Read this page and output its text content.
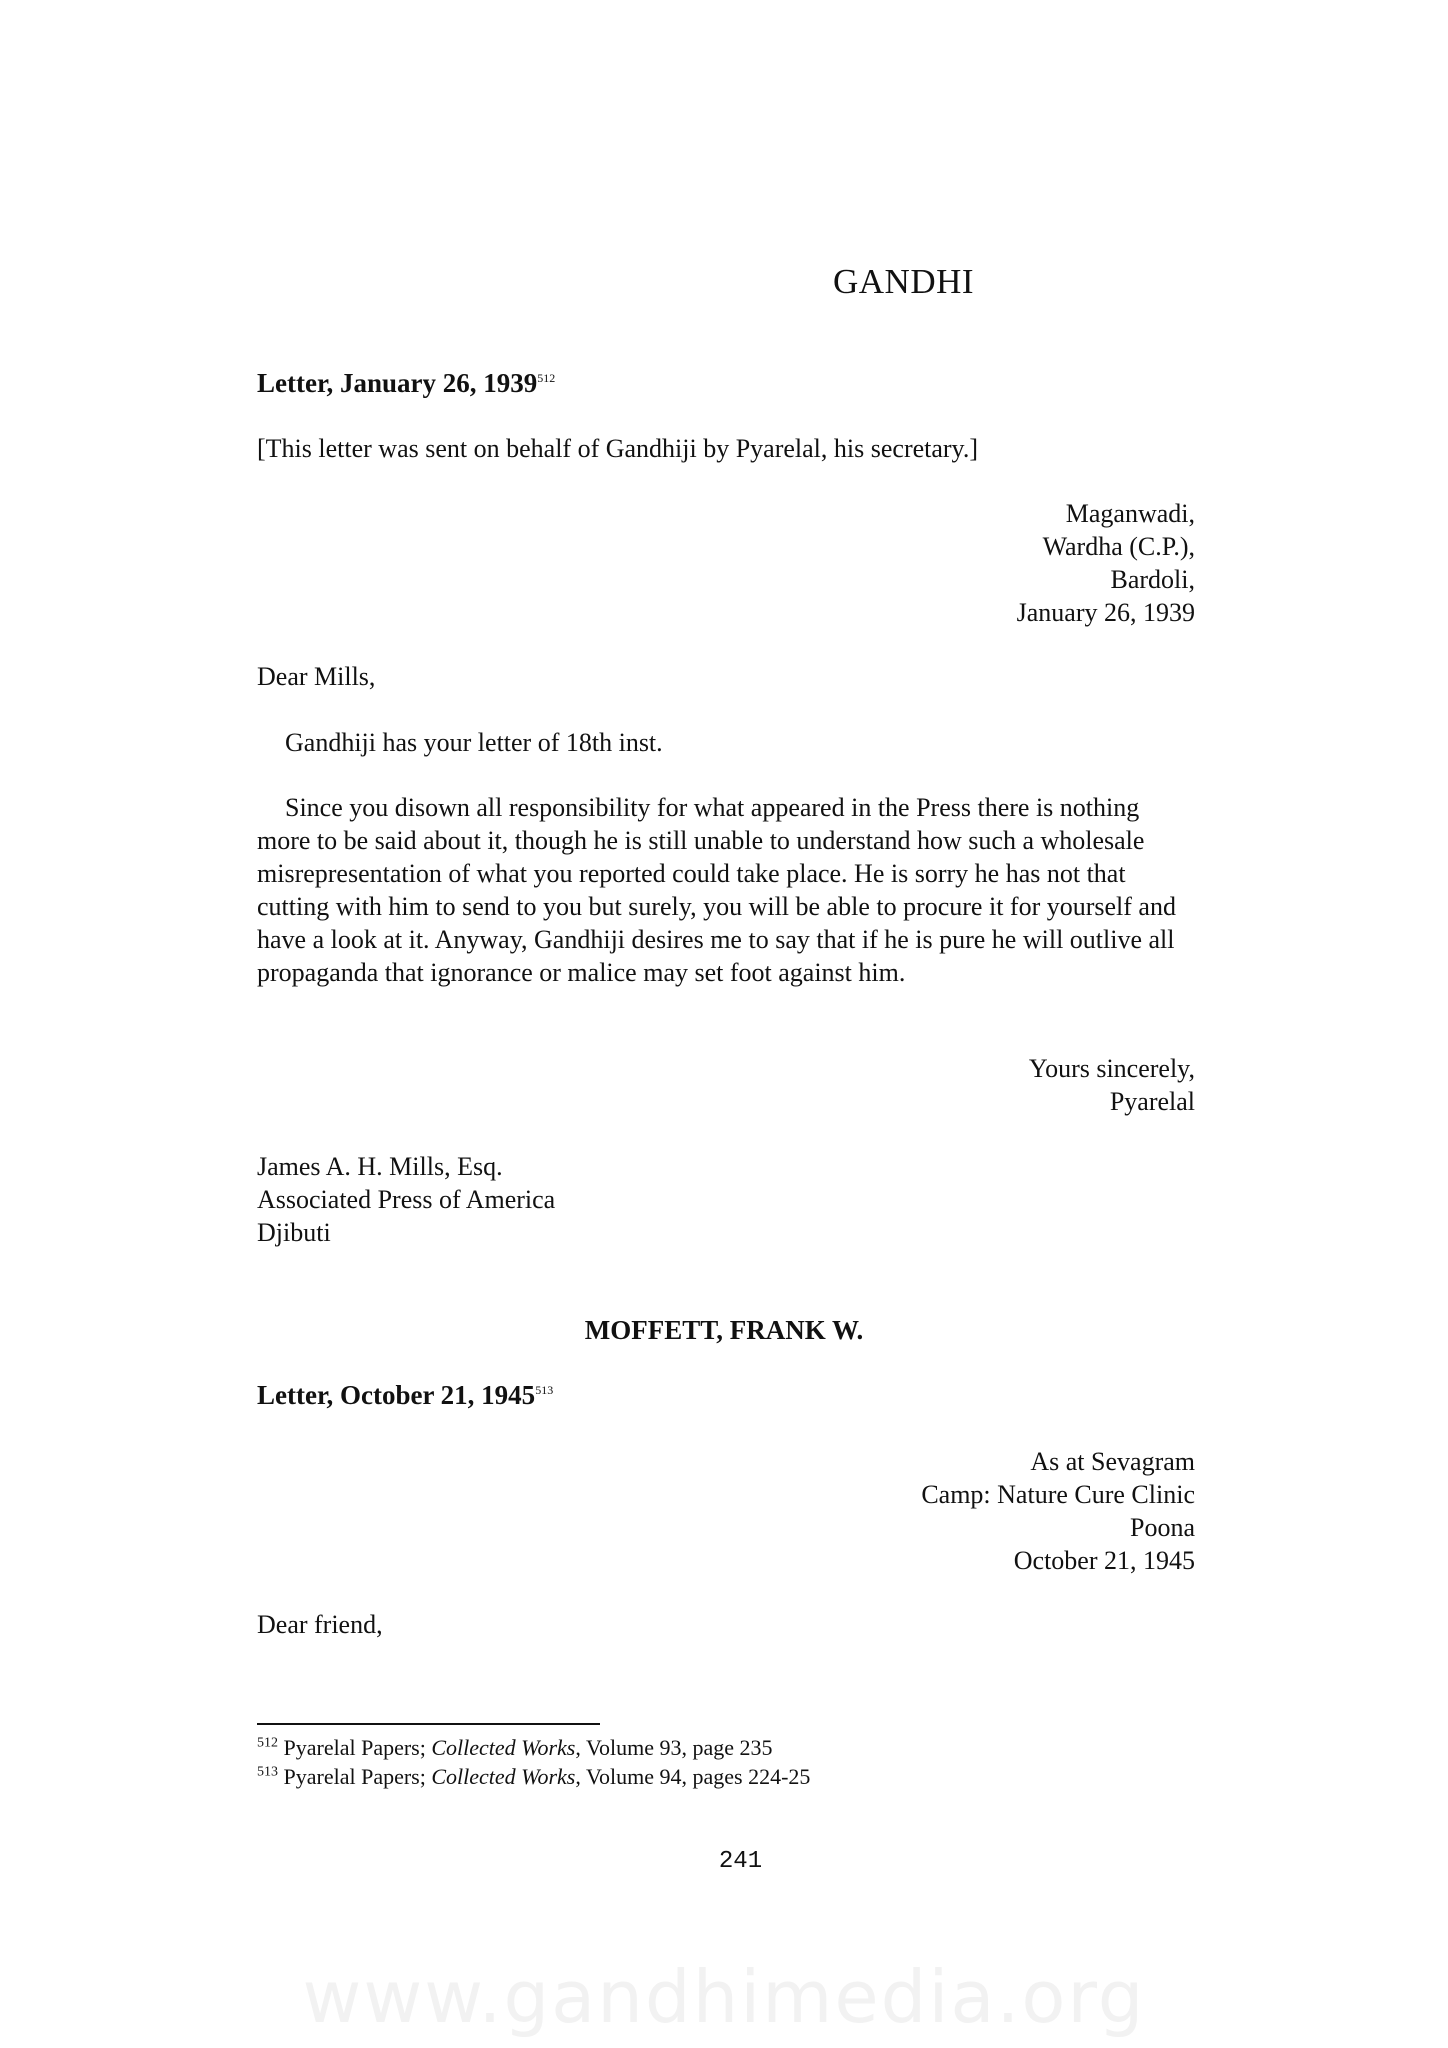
GANDHI
Letter, January 26, 1939$^{512}$
[This letter was sent on behalf of Gandhiji by Pyarelal, his secretary.]
Maganwadi,
Wardha (C.P.),
Bardoli,
January 26, 1939
Dear Mills,
Gandhiji has your letter of 18th inst.
Since you disown all responsibility for what appeared in the Press there is nothing more to be said about it, though he is still unable to understand how such a wholesale misrepresentation of what you reported could take place. He is sorry he has not that cutting with him to send to you but surely, you will be able to procure it for yourself and have a look at it. Anyway, Gandhiji desires me to say that if he is pure he will outlive all propaganda that ignorance or malice may set foot against him.
Yours sincerely,
Pyarelal
James A. H. Mills, Esq.
Associated Press of America
Djibuti
MOFFETT, FRANK W.
Letter, October 21, 1945$^{513}$
As at Sevagram
Camp: Nature Cure Clinic
Poona
October 21, 1945
Dear friend,
$^{512}$ Pyarelal Papers; Collected Works, Volume 93, page 235
$^{513}$ Pyarelal Papers; Collected Works, Volume 94, pages 224-25
241
www.gandhimedia.org
